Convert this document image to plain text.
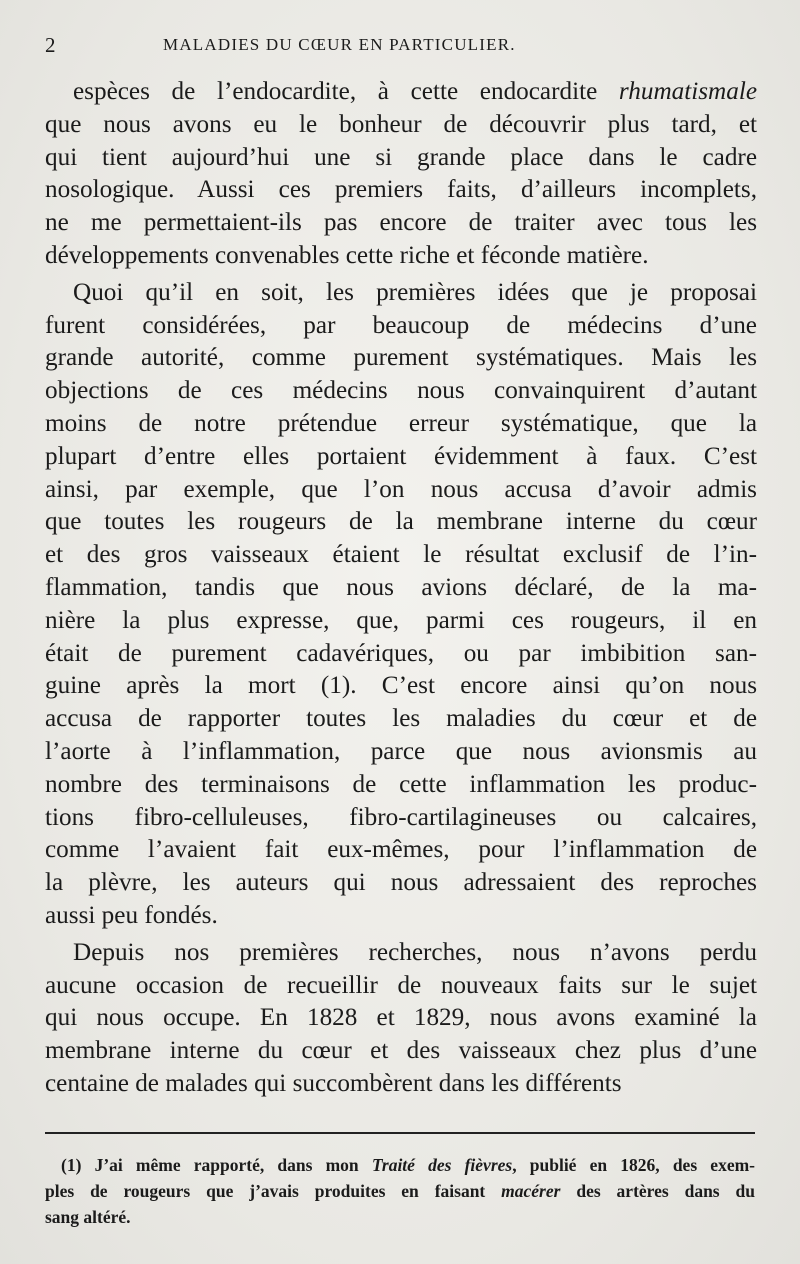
2	MALADIES DU CŒUR EN PARTICULIER.
espèces de l’endocardite, à cette endocardite rhumatismale
que nous avons eu le bonheur de découvrir plus tard, et
qui tient aujourd’hui une si grande place dans le cadre
nosologique. Aussi ces premiers faits, d’ailleurs incomplets,
ne me permettaient-ils pas encore de traiter avec tous les
développements convenables cette riche et féconde matière.
Quoi qu’il en soit, les premières idées que je proposai
furent considérées, par beaucoup de médecins d’une
grande autorité, comme purement systématiques. Mais les
objections de ces médecins nous convainquirent d’autant
moins de notre prétendue erreur systématique, que la
plupart d’entre elles portaient évidemment à faux. C’est
ainsi, par exemple, que l’on nous accusa d’avoir admis
que toutes les rougeurs de la membrane interne du cœur
et des gros vaisseaux étaient le résultat exclusif de l’in-
flammation, tandis que nous avions déclaré, de la ma-
nière la plus expresse, que, parmi ces rougeurs, il en
était de purement cadavériques, ou par imbibition san-
guine après la mort (1). C’est encore ainsi qu’on nous
accusa de rapporter toutes les maladies du cœur et de
l’aorte à l’inflammation, parce que nous avionsmis au
nombre des terminaisons de cette inflammation les produc-
tions fibro-celluleuses, fibro-cartilagineuses ou calcaires,
comme l’avaient fait eux-mêmes, pour l’inflammation de
la plèvre, les auteurs qui nous adressaient des reproches
aussi peu fondés.
Depuis nos premières recherches, nous n’avons perdu
aucune occasion de recueillir de nouveaux faits sur le sujet
qui nous occupe. En 1828 et 1829, nous avons examiné la
membrane interne du cœur et des vaisseaux chez plus d’une
centaine de malades qui succombèrent dans les différents
(1) J’ai même rapporté, dans mon Traité des fièvres, publié en 1826, des exem-
ples de rougeurs que j’avais produites en faisant macérer des artères dans du
sang altéré.
